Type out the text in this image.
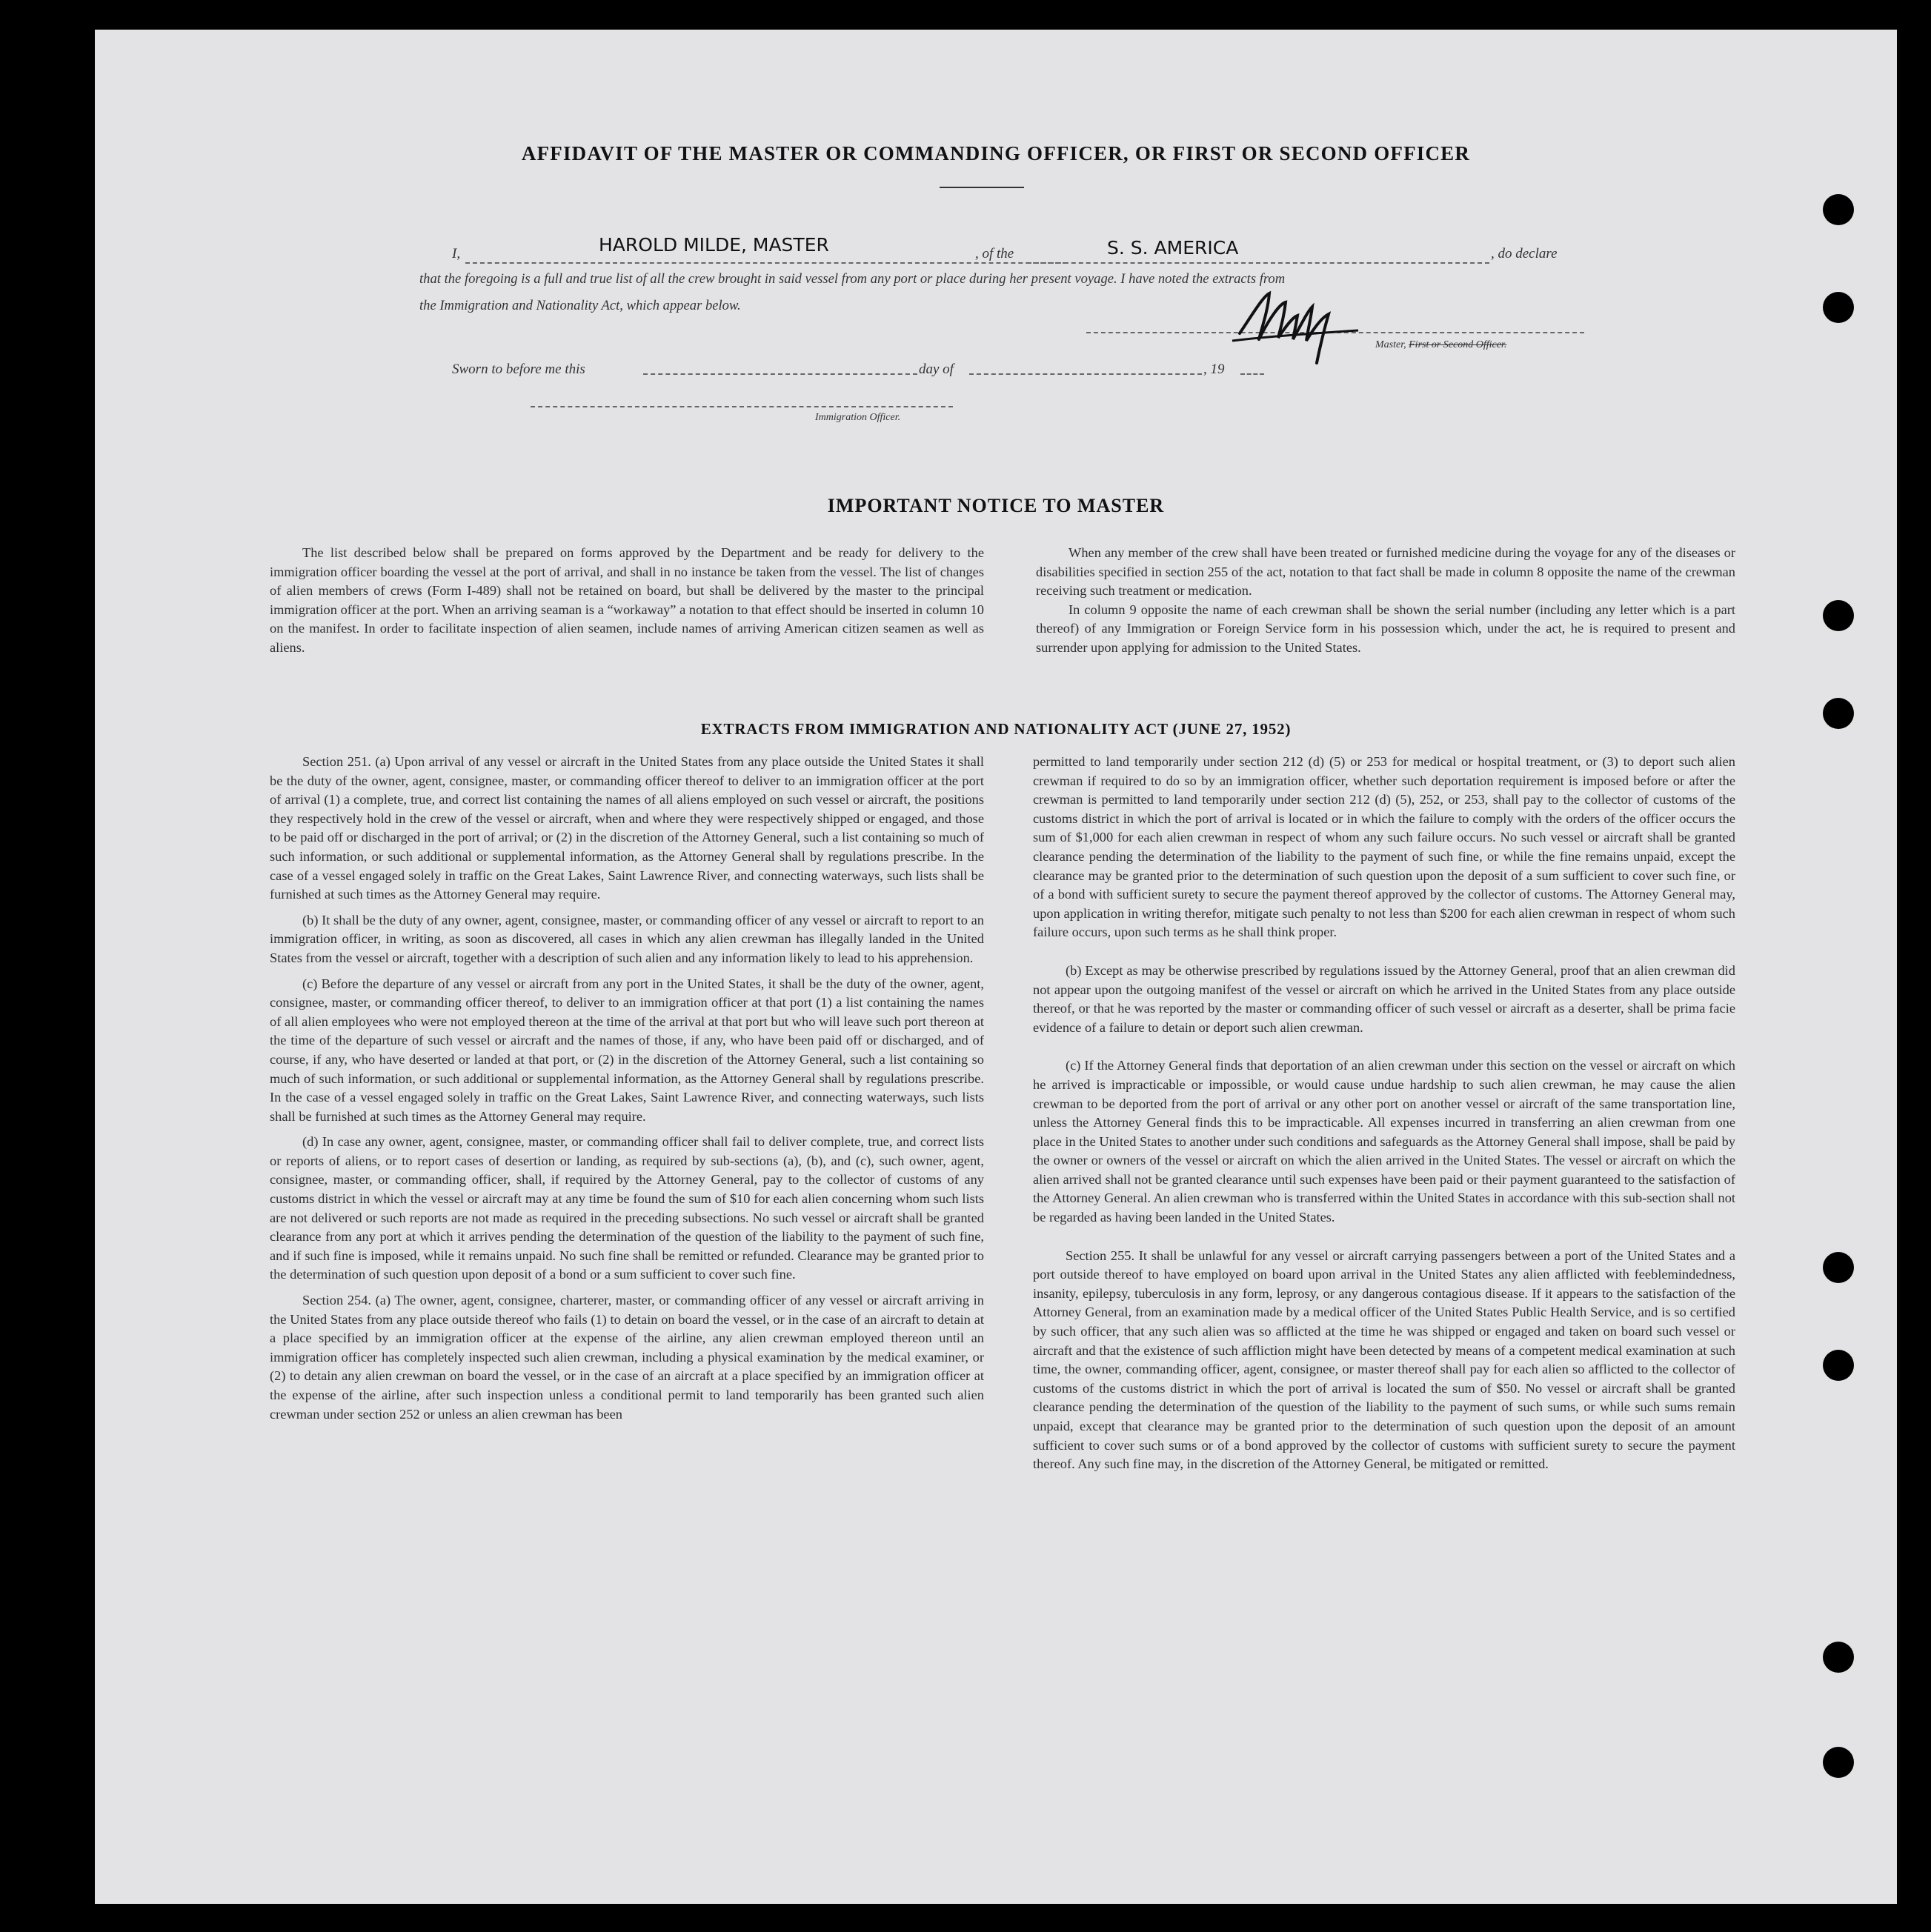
AFFIDAVIT OF THE MASTER OR COMMANDING OFFICER, OR FIRST OR SECOND OFFICER
I,	HAROLD MILDE, MASTER	, of the	S. S. AMERICA	, do declare
that the foregoing is a full and true list of all the crew brought in said vessel from any port or place during her present voyage. I have noted the extracts from
the Immigration and Nationality Act, which appear below.
Master, First or Second Officer.
Sworn to before me this	day of	, 19
Immigration Officer.
IMPORTANT NOTICE TO MASTER

The list described below shall be prepared on forms approved by the Department and be ready for delivery to the immigration officer boarding the vessel at the port of arrival, and shall in no instance be taken from the vessel. The list of changes of alien members of crews (Form I-489) shall not be retained on board, but shall be delivered by the master to the principal immigration officer at the port. When an arriving seaman is a “workaway” a notation to that effect should be inserted in column 10 on the manifest. In order to facilitate inspection of alien seamen, include names of arriving American citizen seamen as well as aliens.

When any member of the crew shall have been treated or furnished medicine during the voyage for any of the diseases or disabilities specified in section 255 of the act, notation to that fact shall be made in column 8 opposite the name of the crewman receiving such treatment or medication.

In column 9 opposite the name of each crewman shall be shown the serial number (including any letter which is a part thereof) of any Immigration or Foreign Service form in his possession which, under the act, he is required to present and surrender upon applying for admission to the United States.

EXTRACTS FROM IMMIGRATION AND NATIONALITY ACT (JUNE 27, 1952)

Section 251. (a) Upon arrival of any vessel or aircraft in the United States from any place outside the United States it shall be the duty of the owner, agent, consignee, master, or commanding officer thereof to deliver to an immigration officer at the port of arrival (1) a complete, true, and correct list containing the names of all aliens employed on such vessel or aircraft, the positions they respectively hold in the crew of the vessel or aircraft, when and where they were respectively shipped or engaged, and those to be paid off or discharged in the port of arrival; or (2) in the discretion of the Attorney General, such a list containing so much of such information, or such additional or supplemental information, as the Attorney General shall by regulations prescribe. In the case of a vessel engaged solely in traffic on the Great Lakes, Saint Lawrence River, and connecting waterways, such lists shall be furnished at such times as the Attorney General may require.

(b) It shall be the duty of any owner, agent, consignee, master, or commanding officer of any vessel or aircraft to report to an immigration officer, in writing, as soon as discovered, all cases in which any alien crewman has illegally landed in the United States from the vessel or aircraft, together with a description of such alien and any information likely to lead to his apprehension.

(c) Before the departure of any vessel or aircraft from any port in the United States, it shall be the duty of the owner, agent, consignee, master, or commanding officer thereof, to deliver to an immigration officer at that port (1) a list containing the names of all alien employees who were not employed thereon at the time of the arrival at that port but who will leave such port thereon at the time of the departure of such vessel or aircraft and the names of those, if any, who have been paid off or discharged, and of course, if any, who have deserted or landed at that port, or (2) in the discretion of the Attorney General, such a list containing so much of such information, or such additional or supplemental information, as the Attorney General shall by regulations prescribe. In the case of a vessel engaged solely in traffic on the Great Lakes, Saint Lawrence River, and connecting waterways, such lists shall be furnished at such times as the Attorney General may require.

(d) In case any owner, agent, consignee, master, or commanding officer shall fail to deliver complete, true, and correct lists or reports of aliens, or to report cases of desertion or landing, as required by sub-sections (a), (b), and (c), such owner, agent, consignee, master, or commanding officer, shall, if required by the Attorney General, pay to the collector of customs of any customs district in which the vessel or aircraft may at any time be found the sum of $10 for each alien concerning whom such lists are not delivered or such reports are not made as required in the preceding subsections. No such vessel or aircraft shall be granted clearance from any port at which it arrives pending the determination of the question of the liability to the payment of such fine, and if such fine is imposed, while it remains unpaid. No such fine shall be remitted or refunded. Clearance may be granted prior to the determination of such question upon deposit of a bond or a sum sufficient to cover such fine.

Section 254. (a) The owner, agent, consignee, charterer, master, or commanding officer of any vessel or aircraft arriving in the United States from any place outside thereof who fails (1) to detain on board the vessel, or in the case of an aircraft to detain at a place specified by an immigration officer at the expense of the airline, any alien crewman employed thereon until an immigration officer has completely inspected such alien crewman, including a physical examination by the medical examiner, or (2) to detain any alien crewman on board the vessel, or in the case of an aircraft at a place specified by an immigration officer at the expense of the airline, after such inspection unless a conditional permit to land temporarily has been granted such alien crewman under section 252 or unless an alien crewman has been

permitted to land temporarily under section 212 (d) (5) or 253 for medical or hospital treatment, or (3) to deport such alien crewman if required to do so by an immigration officer, whether such deportation requirement is imposed before or after the crewman is permitted to land temporarily under section 212 (d) (5), 252, or 253, shall pay to the collector of customs of the customs district in which the port of arrival is located or in which the failure to comply with the orders of the officer occurs the sum of $1,000 for each alien crewman in respect of whom any such failure occurs. No such vessel or aircraft shall be granted clearance pending the determination of the liability to the payment of such fine, or while the fine remains unpaid, except the clearance may be granted prior to the determination of such question upon the deposit of a sum sufficient to cover such fine, or of a bond with sufficient surety to secure the payment thereof approved by the collector of customs. The Attorney General may, upon application in writing therefor, mitigate such penalty to not less than $200 for each alien crewman in respect of whom such failure occurs, upon such terms as he shall think proper.

(b) Except as may be otherwise prescribed by regulations issued by the Attorney General, proof that an alien crewman did not appear upon the outgoing manifest of the vessel or aircraft on which he arrived in the United States from any place outside thereof, or that he was reported by the master or commanding officer of such vessel or aircraft as a deserter, shall be prima facie evidence of a failure to detain or deport such alien crewman.

(c) If the Attorney General finds that deportation of an alien crewman under this section on the vessel or aircraft on which he arrived is impracticable or impossible, or would cause undue hardship to such alien crewman, he may cause the alien crewman to be deported from the port of arrival or any other port on another vessel or aircraft of the same transportation line, unless the Attorney General finds this to be impracticable. All expenses incurred in transferring an alien crewman from one place in the United States to another under such conditions and safeguards as the Attorney General shall impose, shall be paid by the owner or owners of the vessel or aircraft on which the alien arrived in the United States. The vessel or aircraft on which the alien arrived shall not be granted clearance until such expenses have been paid or their payment guaranteed to the satisfaction of the Attorney General. An alien crewman who is transferred within the United States in accordance with this sub-section shall not be regarded as having been landed in the United States.

Section 255. It shall be unlawful for any vessel or aircraft carrying passengers between a port of the United States and a port outside thereof to have employed on board upon arrival in the United States any alien afflicted with feeblemindedness, insanity, epilepsy, tuberculosis in any form, leprosy, or any dangerous contagious disease. If it appears to the satisfaction of the Attorney General, from an examination made by a medical officer of the United States Public Health Service, and is so certified by such officer, that any such alien was so afflicted at the time he was shipped or engaged and taken on board such vessel or aircraft and that the existence of such affliction might have been detected by means of a competent medical examination at such time, the owner, commanding officer, agent, consignee, or master thereof shall pay for each alien so afflicted to the collector of customs of the customs district in which the port of arrival is located the sum of $50. No vessel or aircraft shall be granted clearance pending the determination of the question of the liability to the payment of such sums, or while such sums remain unpaid, except that clearance may be granted prior to the determination of such question upon the deposit of an amount sufficient to cover such sums or of a bond approved by the collector of customs with sufficient surety to secure the payment thereof. Any such fine may, in the discretion of the Attorney General, be mitigated or remitted.
